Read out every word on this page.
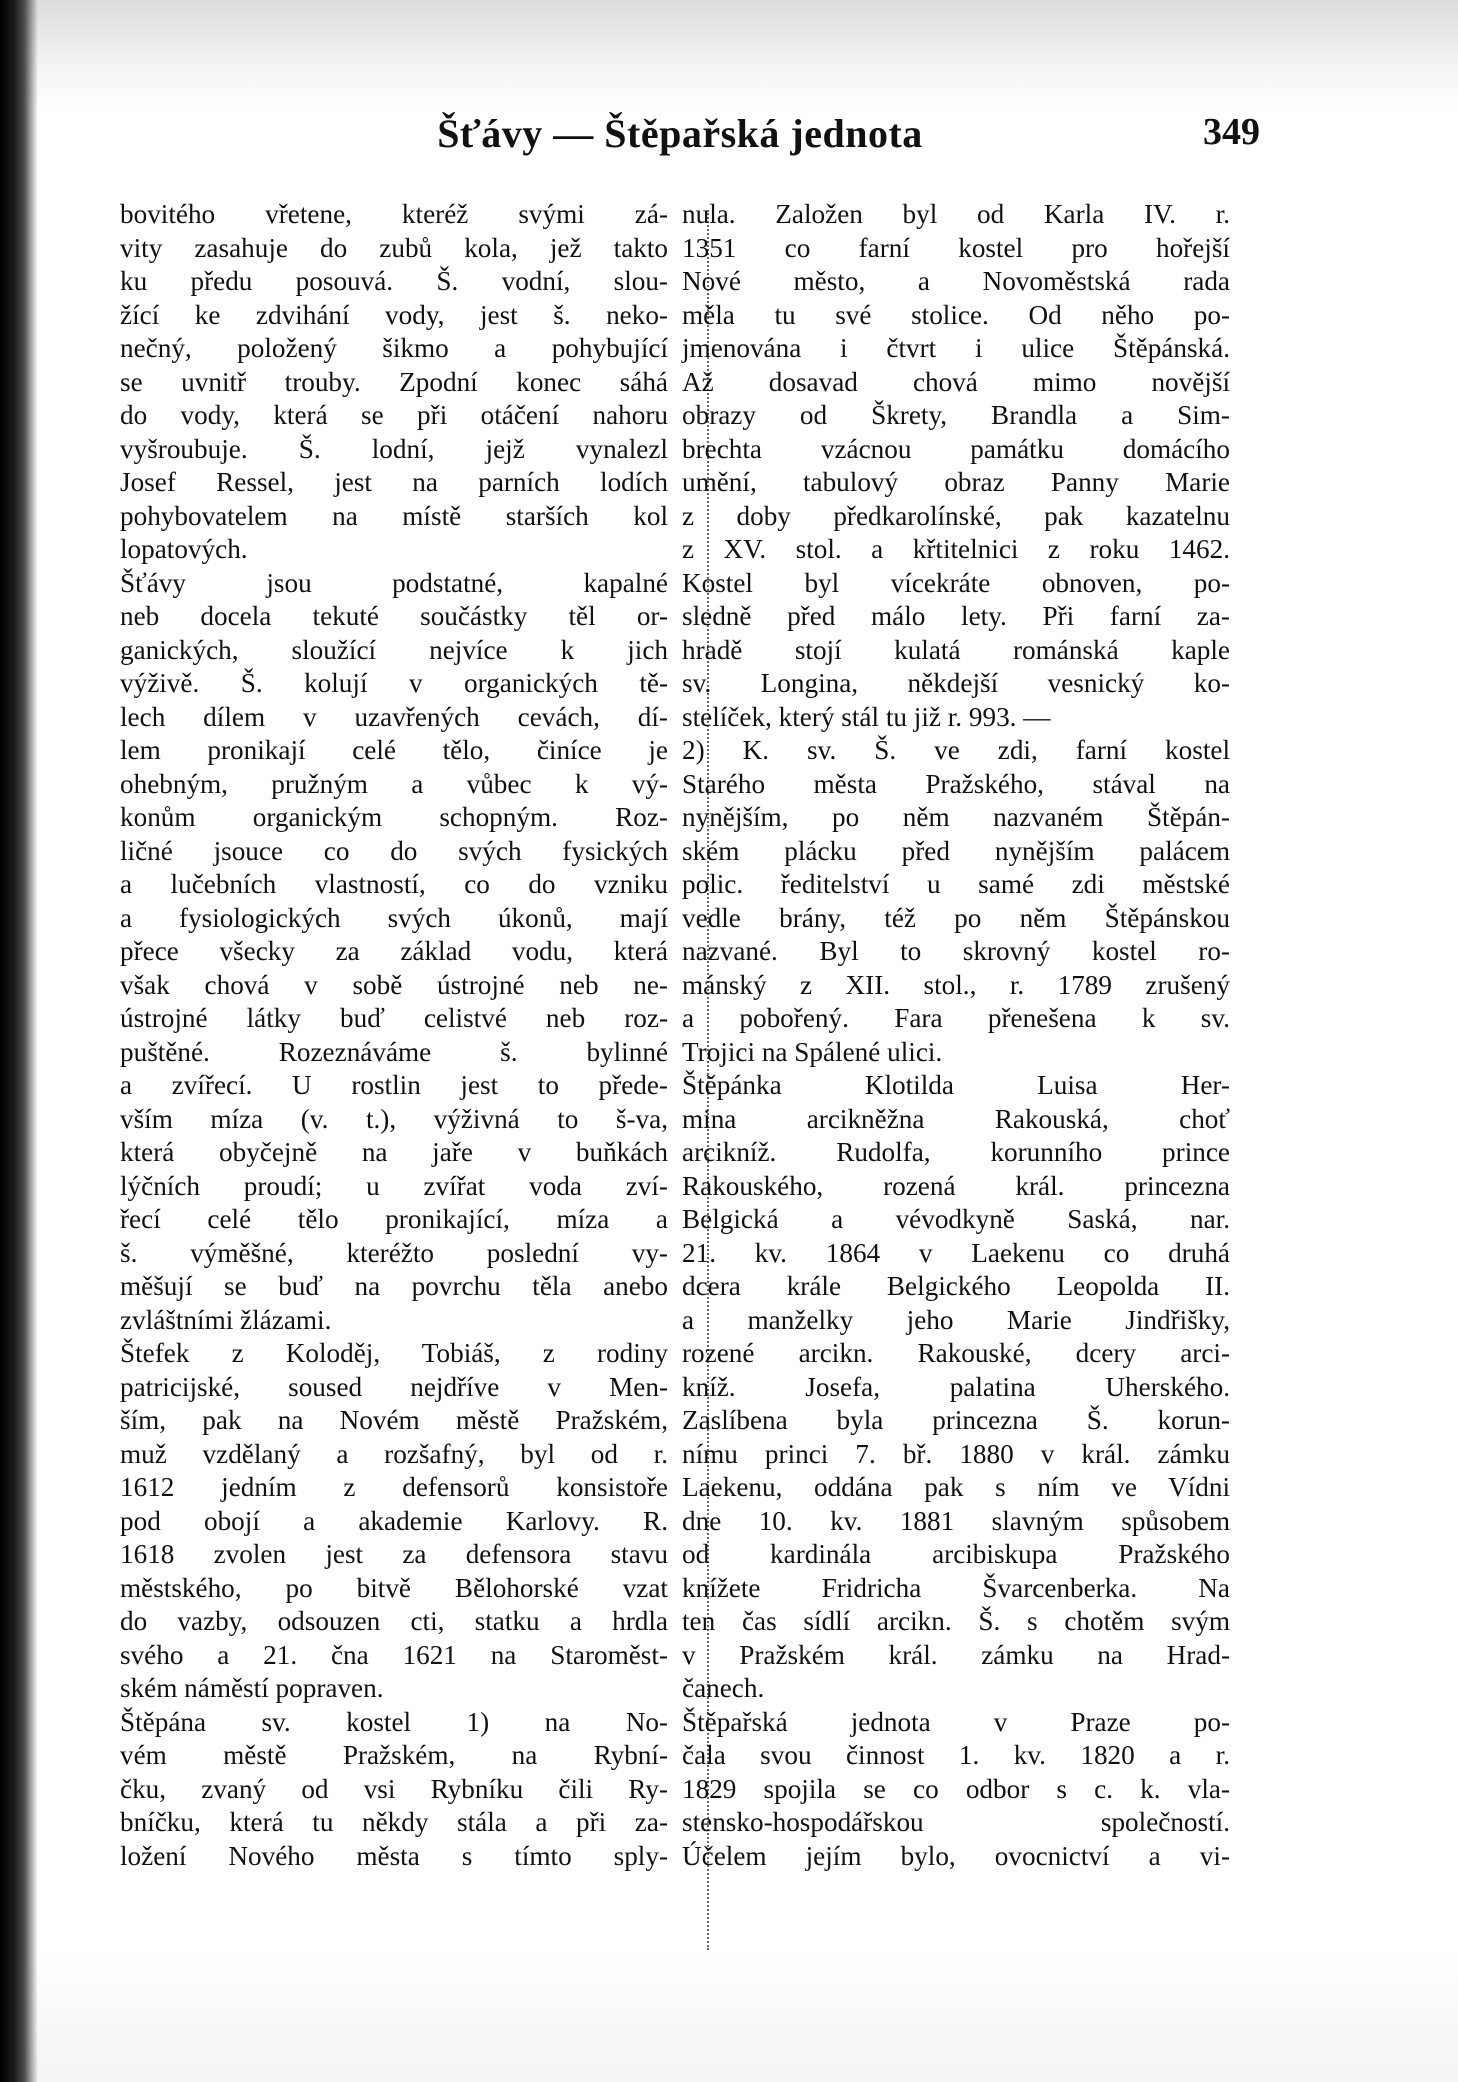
Šťávy — Štěpařská jednota	349
bovitého vřetene, kteréž svými zá-
vity zasahuje do zubů kola, jež takto
ku předu posouvá. Š. vodní, slou-
žící ke zdvihání vody, jest š. neko-
nečný, položený šikmo a pohybující
se uvnitř trouby. Zpodní konec sáhá
do vody, která se při otáčení nahoru
vyšroubuje. Š. lodní, jejž vynalezl
Josef Ressel, jest na parních lodích
pohybovatelem na místě starších kol
lopatových.
Šťávy jsou podstatné, kapalné
neb docela tekuté součástky těl or-
ganických, sloužící nejvíce k jich
výživě. Š. kolují v organických tě-
lech dílem v uzavřených cevách, dí-
lem pronikají celé tělo, činíce je
ohebným, pružným a vůbec k vý-
konům organickým schopným. Roz-
ličné jsouce co do svých fysických
a lučebních vlastností, co do vzniku
a fysiologických svých úkonů, mají
přece všecky za základ vodu, která
však chová v sobě ústrojné neb ne-
ústrojné látky buď celistvé neb roz-
puštěné. Rozeznáváme š. bylinné
a zvířecí. U rostlin jest to přede-
vším míza (v. t.), výživná to š-va,
která obyčejně na jaře v buňkách
lýčních proudí; u zvířat voda zví-
řecí celé tělo pronikající, míza a
š. výměšné, kteréžto poslední vy-
měšují se buď na povrchu těla anebo
zvláštními žlázami.
Štefek z Koloděj, Tobiáš, z rodiny
patricijské, soused nejdříve v Men-
ším, pak na Novém městě Pražském,
muž vzdělaný a rozšafný, byl od r.
1612 jedním z defensorů konsistoře
pod obojí a akademie Karlovy. R.
1618 zvolen jest za defensora stavu
městského, po bitvě Bělohorské vzat
do vazby, odsouzen cti, statku a hrdla
svého a 21. čna 1621 na Staroměst-
ském náměstí popraven.
Štěpána sv. kostel 1) na No-
vém městě Pražském, na Rybní-
čku, zvaný od vsi Rybníku čili Ry-
bníčku, která tu někdy stála a při za-
ložení Nového města s tímto sply-
nula. Založen byl od Karla IV. r.
1351 co farní kostel pro hořejší
Nové město, a Novoměstská rada
měla tu své stolice. Od něho po-
jmenována i čtvrt i ulice Štěpánská.
Až dosavad chová mimo novější
obrazy od Škrety, Brandla a Sim-
brechta vzácnou památku domácího
umění, tabulový obraz Panny Marie
z doby předkarolínské, pak kazatelnu
z XV. stol. a křtitelnici z roku 1462.
Kostel byl vícekráte obnoven, po-
sledně před málo lety. Při farní za-
hradě stojí kulatá románská kaple
sv. Longina, někdejší vesnický ko-
stelíček, který stál tu již r. 993. —
2) K. sv. Š. ve zdi, farní kostel
Starého města Pražského, stával na
nynějším, po něm nazvaném Štěpán-
ském plácku před nynějším palácem
polic. ředitelství u samé zdi městské
vedle brány, též po něm Štěpánskou
nazvané. Byl to skrovný kostel ro-
mánský z XII. stol., r. 1789 zrušený
a pobořený. Fara přenešena k sv.
Trojici na Spálené ulici.
Štěpánka Klotilda Luisa Her-
mina arcikněžna Rakouská, choť
arcikníž. Rudolfa, korunního prince
Rakouského, rozená král. princezna
Belgická a vévodkyně Saská, nar.
21. kv. 1864 v Laekenu co druhá
dcera krále Belgického Leopolda II.
a manželky jeho Marie Jindřišky,
rozené arcikn. Rakouské, dcery arci-
kníž. Josefa, palatina Uherského.
Zaslíbena byla princezna Š. korun-
nímu princi 7. bř. 1880 v král. zámku
Laekenu, oddána pak s ním ve Vídni
dne 10. kv. 1881 slavným spůsobem
od kardinála arcibiskupa Pražského
knížete Fridricha Švarcenberka. Na
ten čas sídlí arcikn. Š. s chotěm svým
v Pražském král. zámku na Hrad-
čanech.
Štěpařská jednota v Praze po-
čala svou činnost 1. kv. 1820 a r.
1829 spojila se co odbor s c. k. vla-
stensko-hospodářskou společností.
Účelem jejím bylo, ovocnictví a vi-
